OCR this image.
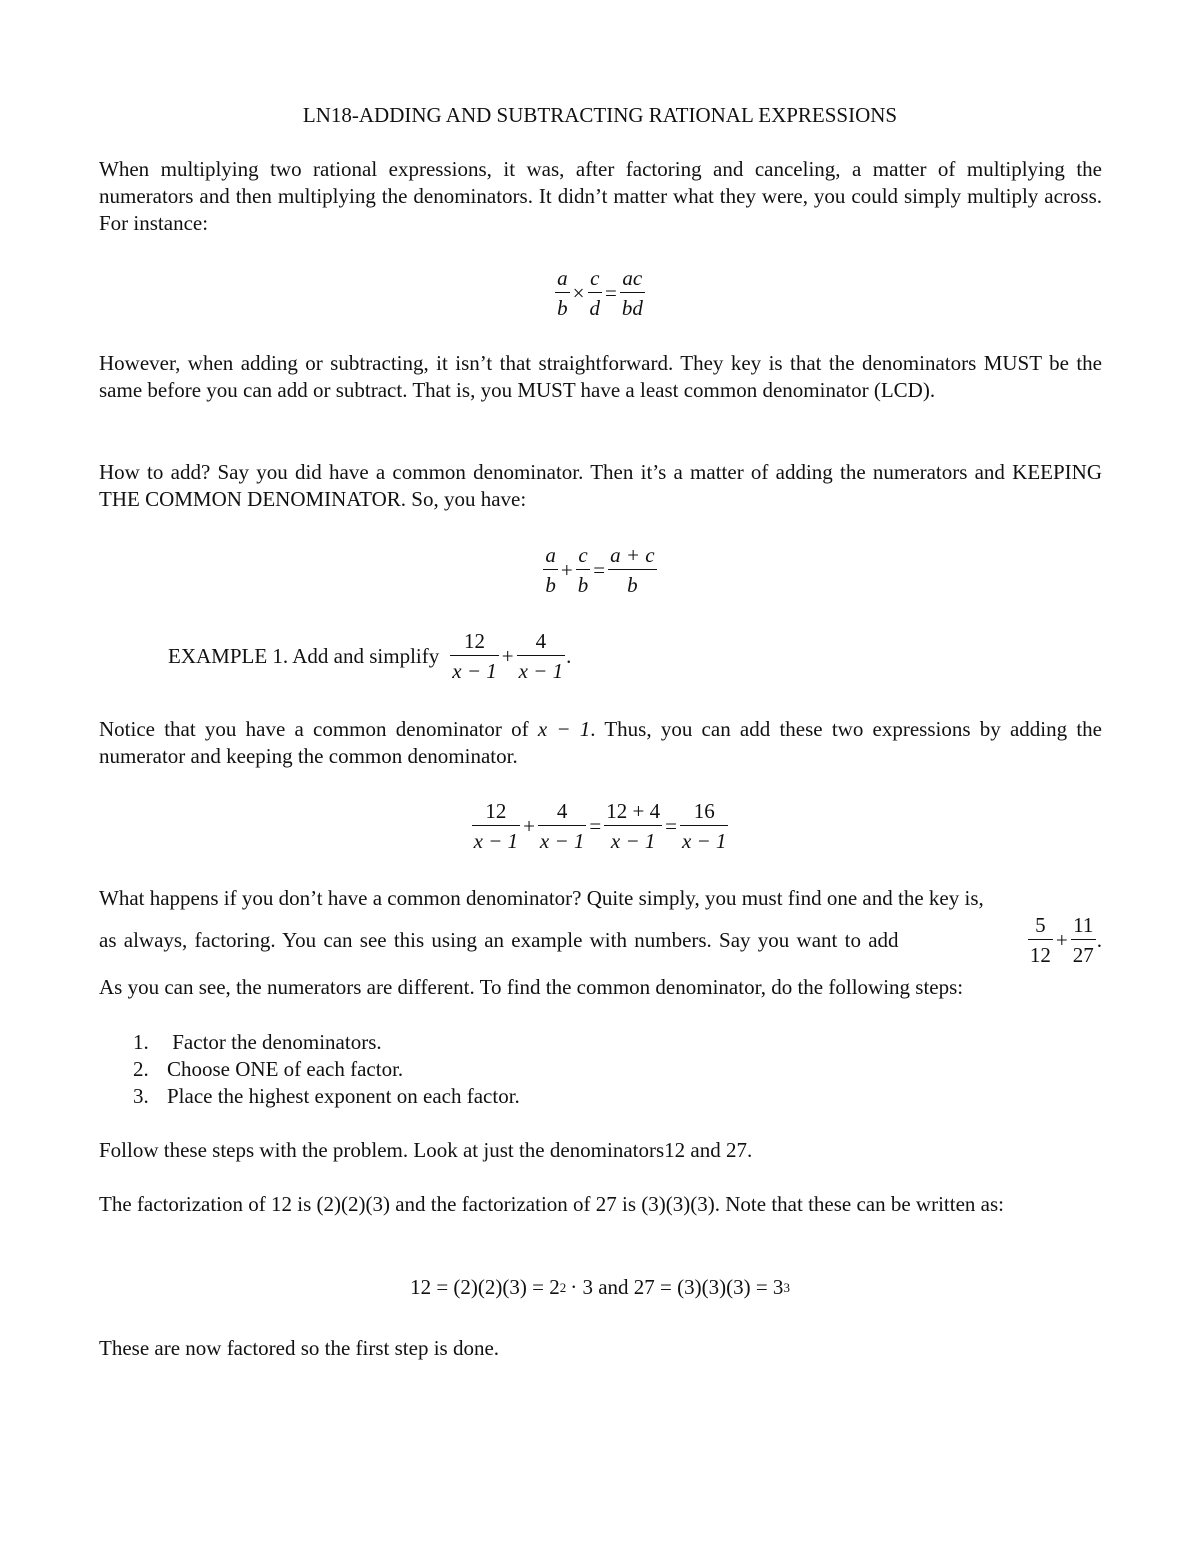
LN18-ADDING AND SUBTRACTING RATIONAL EXPRESSIONS

When multiplying two rational expressions, it was, after factoring and canceling, a matter of multiplying the numerators and then multiplying the denominators. It didn’t matter what they were, you could simply multiply across. For instance:

$\frac{a}{b} \times \frac{c}{d} = \frac{ac}{bd}$

However, when adding or subtracting, it isn’t that straightforward. They key is that the denominators MUST be the same before you can add or subtract. That is, you MUST have a least common denominator (LCD).

How to add? Say you did have a common denominator. Then it’s a matter of adding the numerators and KEEPING THE COMMON DENOMINATOR. So, you have:

$\frac{a}{b} + \frac{c}{b} = \frac{a + c}{b}$
EXAMPLE 1. Add and simplify $\frac{12}{x - 1} + \frac{4}{x - 1}$ .

Notice that you have a common denominator of x − 1. Thus, you can add these two expressions by adding the numerator and keeping the common denominator.

$\frac{12}{x - 1} + \frac{4}{x - 1} = \frac{12 + 4}{x - 1} = \frac{16}{x - 1}$

What happens if you don’t have a common denominator? Quite simply, you must find one and the key is,

as always, factoring. You can see this using an example with numbers. Say you want to add	$\frac{5}{12} + \frac{11}{27}$ .

As you can see, the numerators are different. To find the common denominator, do the following steps:

1. Factor the denominators.
2. Choose ONE of each factor.
3. Place the highest exponent on each factor.

Follow these steps with the problem. Look at just the denominators12 and 27.

The factorization of 12 is (2)(2)(3) and the factorization of 27 is (3)(3)(3). Note that these can be written as:

12 = (2)(2)(3) = 2 2 · 3 and 27 = (3)(3)(3) = 3 3

These are now factored so the first step is done.
